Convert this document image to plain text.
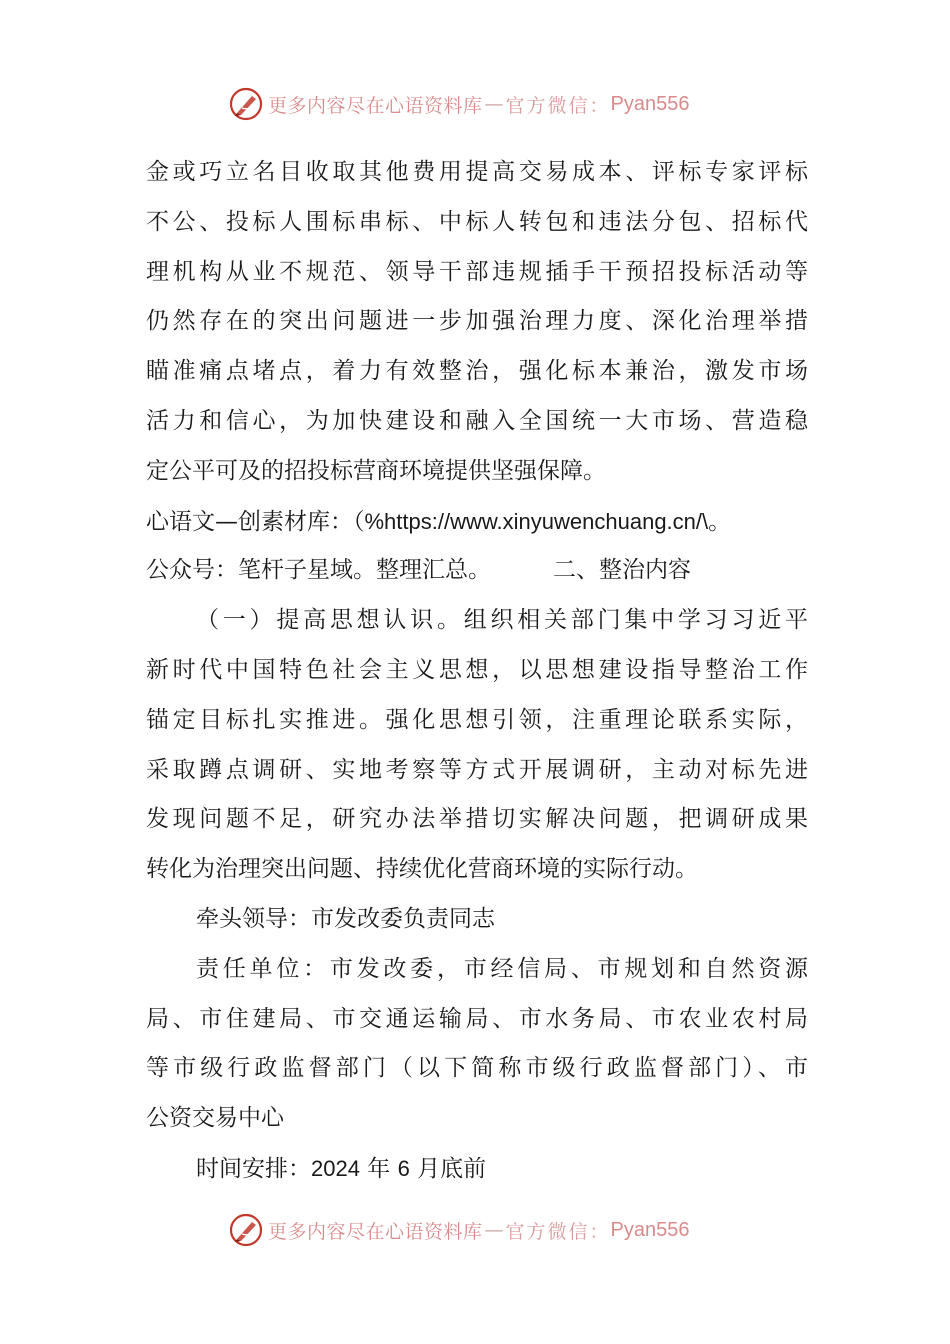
更多内容尽在心语资料库 — 官方微信： Pyan556
金或巧立名目收取其他费用提高交易成本、评标专家评标
不公、投标人围标串标、中标人转包和违法分包、招标代
理机构从业不规范、领导干部违规插手干预招投标活动等
仍然存在的突出问题进一步加强治理力度、深化治理举措
瞄准痛点堵点，着力有效整治，强化标本兼治，激发市场
活力和信心，为加快建设和融入全国统一大市场、营造稳
定公平可及的招投标营商环境提供坚强保障。
心语文—创素材库：（%https://www.xinyuwenchuang.cn/\。
公众号：笔杆子星域。整理汇总。	二、整治内容
（一）提高思想认识。组织相关部门集中学习习近平
新时代中国特色社会主义思想，以思想建设指导整治工作
锚定目标扎实推进。强化思想引领，注重理论联系实际，
采取蹲点调研、实地考察等方式开展调研，主动对标先进
发现问题不足，研究办法举措切实解决问题，把调研成果
转化为治理突出问题、持续优化营商环境的实际行动。
牵头领导：市发改委负责同志
责任单位：市发改委，市经信局、市规划和自然资源
局、市住建局、市交通运输局、市水务局、市农业农村局
等市级行政监督部门（以下简称市级行政监督部门）、市
公资交易中心
时间安排：2024 年 6 月底前
更多内容尽在心语资料库 — 官方微信： Pyan556
